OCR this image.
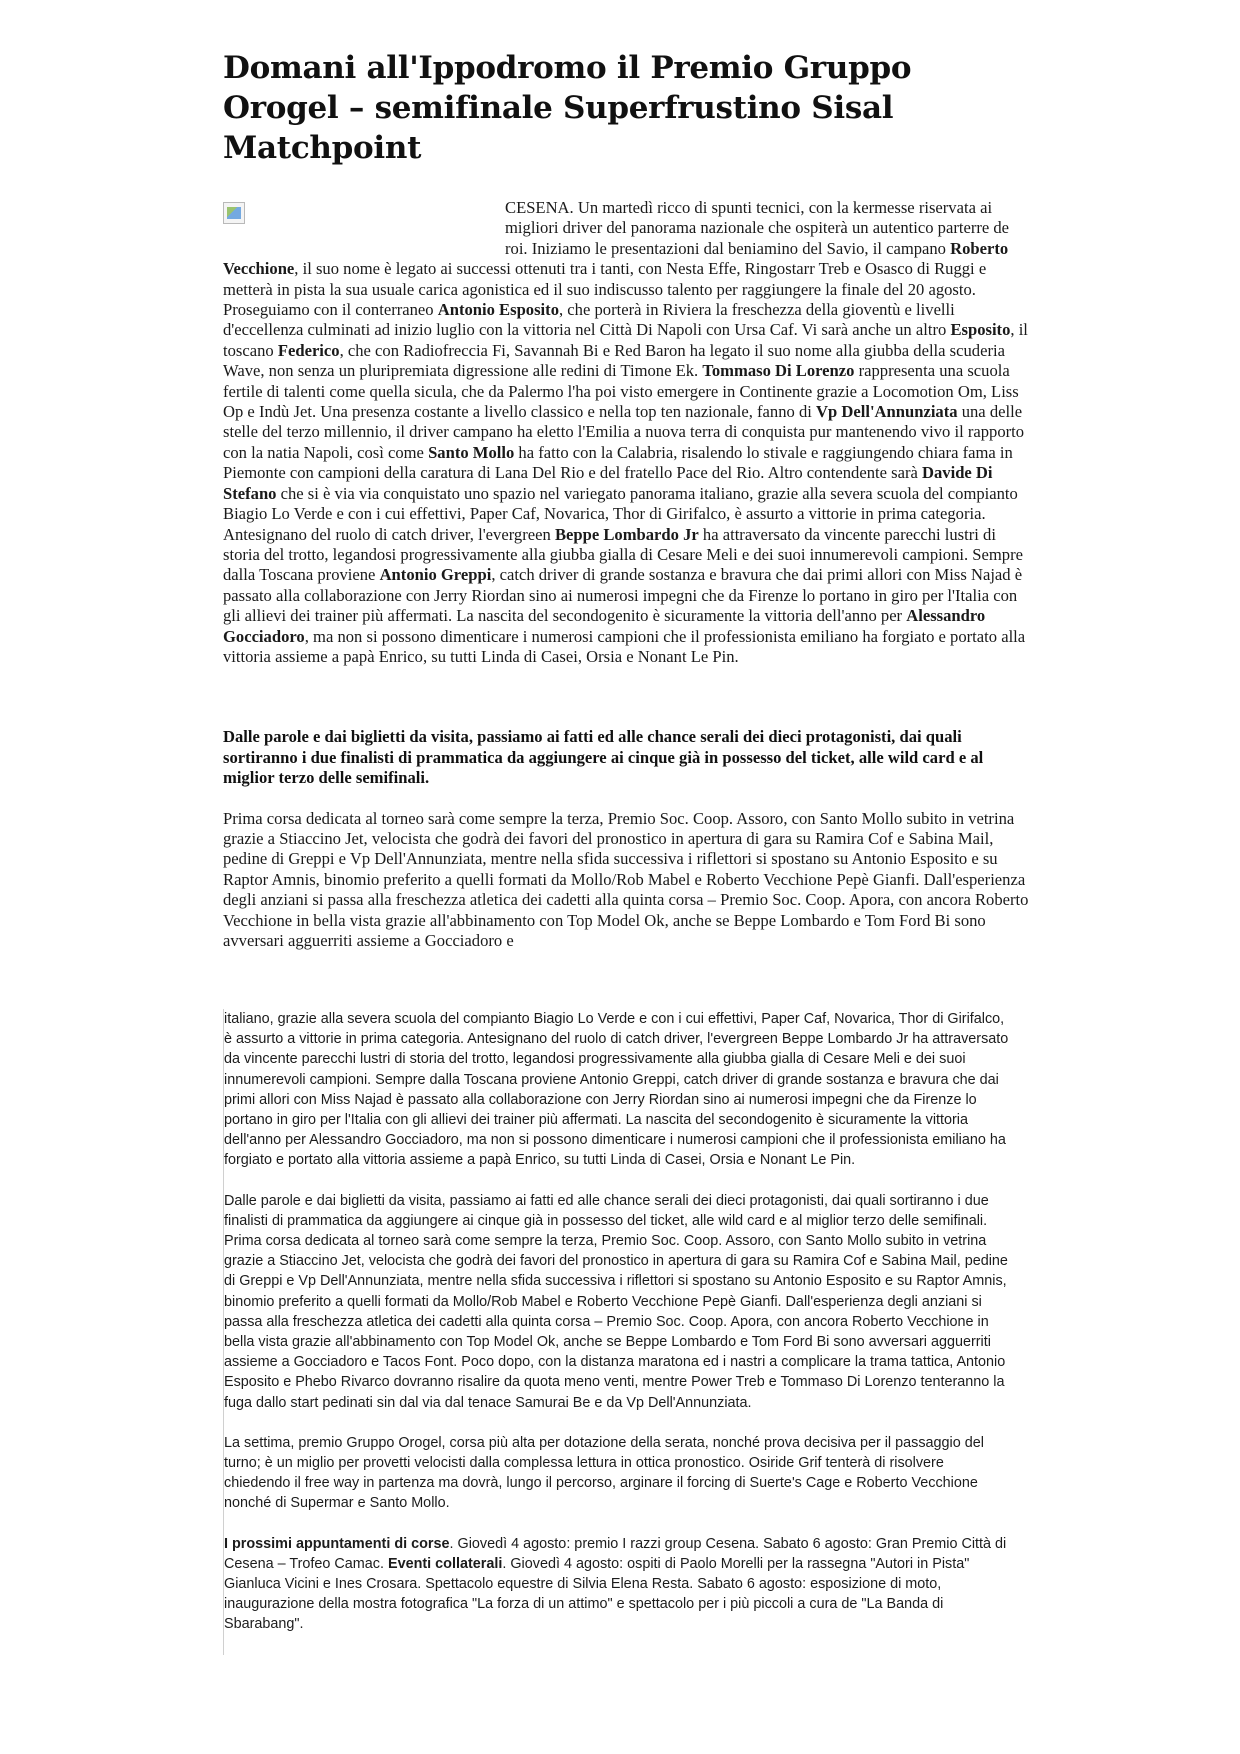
Domani all'Ippodromo il Premio Gruppo Orogel – semifinale Superfrustino Sisal Matchpoint

CESENA. Un martedì ricco di spunti tecnici, con la kermesse riservata ai migliori driver del panorama nazionale che ospiterà un autentico parterre de roi. Iniziamo le presentazioni dal beniamino del Savio, il campano Roberto Vecchione, il suo nome è legato ai successi ottenuti tra i tanti, con Nesta Effe, Ringostarr Treb e Osasco di Ruggi e metterà in pista la sua usuale carica agonistica ed il suo indiscusso talento per raggiungere la finale del 20 agosto. Proseguiamo con il conterraneo Antonio Esposito, che porterà in Riviera la freschezza della gioventù e livelli d'eccellenza culminati ad inizio luglio con la vittoria nel Città Di Napoli con Ursa Caf. Vi sarà anche un altro Esposito, il toscano Federico, che con Radiofreccia Fi, Savannah Bi e Red Baron ha legato il suo nome alla giubba della scuderia Wave, non senza un pluripremiata digressione alle redini di Timone Ek. Tommaso Di Lorenzo rappresenta una scuola fertile di talenti come quella sicula, che da Palermo l'ha poi visto emergere in Continente grazie a Locomotion Om, Liss Op e Indù Jet. Una presenza costante a livello classico e nella top ten nazionale, fanno di Vp Dell'Annunziata una delle stelle del terzo millennio, il driver campano ha eletto l'Emilia a nuova terra di conquista pur mantenendo vivo il rapporto con la natia Napoli, così come Santo Mollo ha fatto con la Calabria, risalendo lo stivale e raggiungendo chiara fama in Piemonte con campioni della caratura di Lana Del Rio e del fratello Pace del Rio. Altro contendente sarà Davide Di Stefano che si è via via conquistato uno spazio nel variegato panorama italiano, grazie alla severa scuola del compianto Biagio Lo Verde e con i cui effettivi, Paper Caf, Novarica, Thor di Girifalco, è assurto a vittorie in prima categoria. Antesignano del ruolo di catch driver, l'evergreen Beppe Lombardo Jr ha attraversato da vincente parecchi lustri di storia del trotto, legandosi progressivamente alla giubba gialla di Cesare Meli e dei suoi innumerevoli campioni. Sempre dalla Toscana proviene Antonio Greppi, catch driver di grande sostanza e bravura che dai primi allori con Miss Najad è passato alla collaborazione con Jerry Riordan sino ai numerosi impegni che da Firenze lo portano in giro per l'Italia con gli allievi dei trainer più affermati. La nascita del secondogenito è sicuramente la vittoria dell'anno per Alessandro Gocciadoro, ma non si possono dimenticare i numerosi campioni che il professionista emiliano ha forgiato e portato alla vittoria assieme a papà Enrico, su tutti Linda di Casei, Orsia e Nonant Le Pin.

Dalle parole e dai biglietti da visita, passiamo ai fatti ed alle chance serali dei dieci protagonisti, dai quali sortiranno i due finalisti di prammatica da aggiungere ai cinque già in possesso del ticket, alle wild card e al miglior terzo delle semifinali.

Prima corsa dedicata al torneo sarà come sempre la terza, Premio Soc. Coop. Assoro, con Santo Mollo subito in vetrina grazie a Stiaccino Jet, velocista che godrà dei favori del pronostico in apertura di gara su Ramira Cof e Sabina Mail, pedine di Greppi e Vp Dell'Annunziata, mentre nella sfida successiva i riflettori si spostano su Antonio Esposito e su Raptor Amnis, binomio preferito a quelli formati da Mollo/Rob Mabel e Roberto Vecchione Pepè Gianfi. Dall'esperienza degli anziani si passa alla freschezza atletica dei cadetti alla quinta corsa – Premio Soc. Coop. Apora, con ancora Roberto Vecchione in bella vista grazie all'abbinamento con Top Model Ok, anche se Beppe Lombardo e Tom Ford Bi sono avversari agguerriti assieme a Gocciadoro e

italiano, grazie alla severa scuola del compianto Biagio Lo Verde e con i cui effettivi, Paper Caf, Novarica, Thor di Girifalco, è assurto a vittorie in prima categoria. Antesignano del ruolo di catch driver, l'evergreen Beppe Lombardo Jr ha attraversato da vincente parecchi lustri di storia del trotto, legandosi progressivamente alla giubba gialla di Cesare Meli e dei suoi innumerevoli campioni. Sempre dalla Toscana proviene Antonio Greppi, catch driver di grande sostanza e bravura che dai primi allori con Miss Najad è passato alla collaborazione con Jerry Riordan sino ai numerosi impegni che da Firenze lo portano in giro per l'Italia con gli allievi dei trainer più affermati. La nascita del secondogenito è sicuramente la vittoria dell'anno per Alessandro Gocciadoro, ma non si possono dimenticare i numerosi campioni che il professionista emiliano ha forgiato e portato alla vittoria assieme a papà Enrico, su tutti Linda di Casei, Orsia e Nonant Le Pin.

Dalle parole e dai biglietti da visita, passiamo ai fatti ed alle chance serali dei dieci protagonisti, dai quali sortiranno i due finalisti di prammatica da aggiungere ai cinque già in possesso del ticket, alle wild card e al miglior terzo delle semifinali. Prima corsa dedicata al torneo sarà come sempre la terza, Premio Soc. Coop. Assoro, con Santo Mollo subito in vetrina grazie a Stiaccino Jet, velocista che godrà dei favori del pronostico in apertura di gara su Ramira Cof e Sabina Mail, pedine di Greppi e Vp Dell'Annunziata, mentre nella sfida successiva i riflettori si spostano su Antonio Esposito e su Raptor Amnis, binomio preferito a quelli formati da Mollo/Rob Mabel e Roberto Vecchione Pepè Gianfi. Dall'esperienza degli anziani si passa alla freschezza atletica dei cadetti alla quinta corsa – Premio Soc. Coop. Apora, con ancora Roberto Vecchione in bella vista grazie all'abbinamento con Top Model Ok, anche se Beppe Lombardo e Tom Ford Bi sono avversari agguerriti assieme a Gocciadoro e Tacos Font. Poco dopo, con la distanza maratona ed i nastri a complicare la trama tattica, Antonio Esposito e Phebo Rivarco dovranno risalire da quota meno venti, mentre Power Treb e Tommaso Di Lorenzo tenteranno la fuga dallo start pedinati sin dal via dal tenace Samurai Be e da Vp Dell'Annunziata.

La settima, premio Gruppo Orogel, corsa più alta per dotazione della serata, nonché prova decisiva per il passaggio del turno; è un miglio per provetti velocisti dalla complessa lettura in ottica pronostico. Osiride Grif tenterà di risolvere chiedendo il free way in partenza ma dovrà, lungo il percorso, arginare il forcing di Suerte's Cage e Roberto Vecchione nonché di Supermar e Santo Mollo.

I prossimi appuntamenti di corse. Giovedì 4 agosto: premio I razzi group Cesena. Sabato 6 agosto: Gran Premio Città di Cesena – Trofeo Camac. Eventi collaterali. Giovedì 4 agosto: ospiti di Paolo Morelli per la rassegna "Autori in Pista" Gianluca Vicini e Ines Crosara. Spettacolo equestre di Silvia Elena Resta. Sabato 6 agosto: esposizione di moto, inaugurazione della mostra fotografica "La forza di un attimo" e spettacolo per i più piccoli a cura de "La Banda di Sbarabang".
